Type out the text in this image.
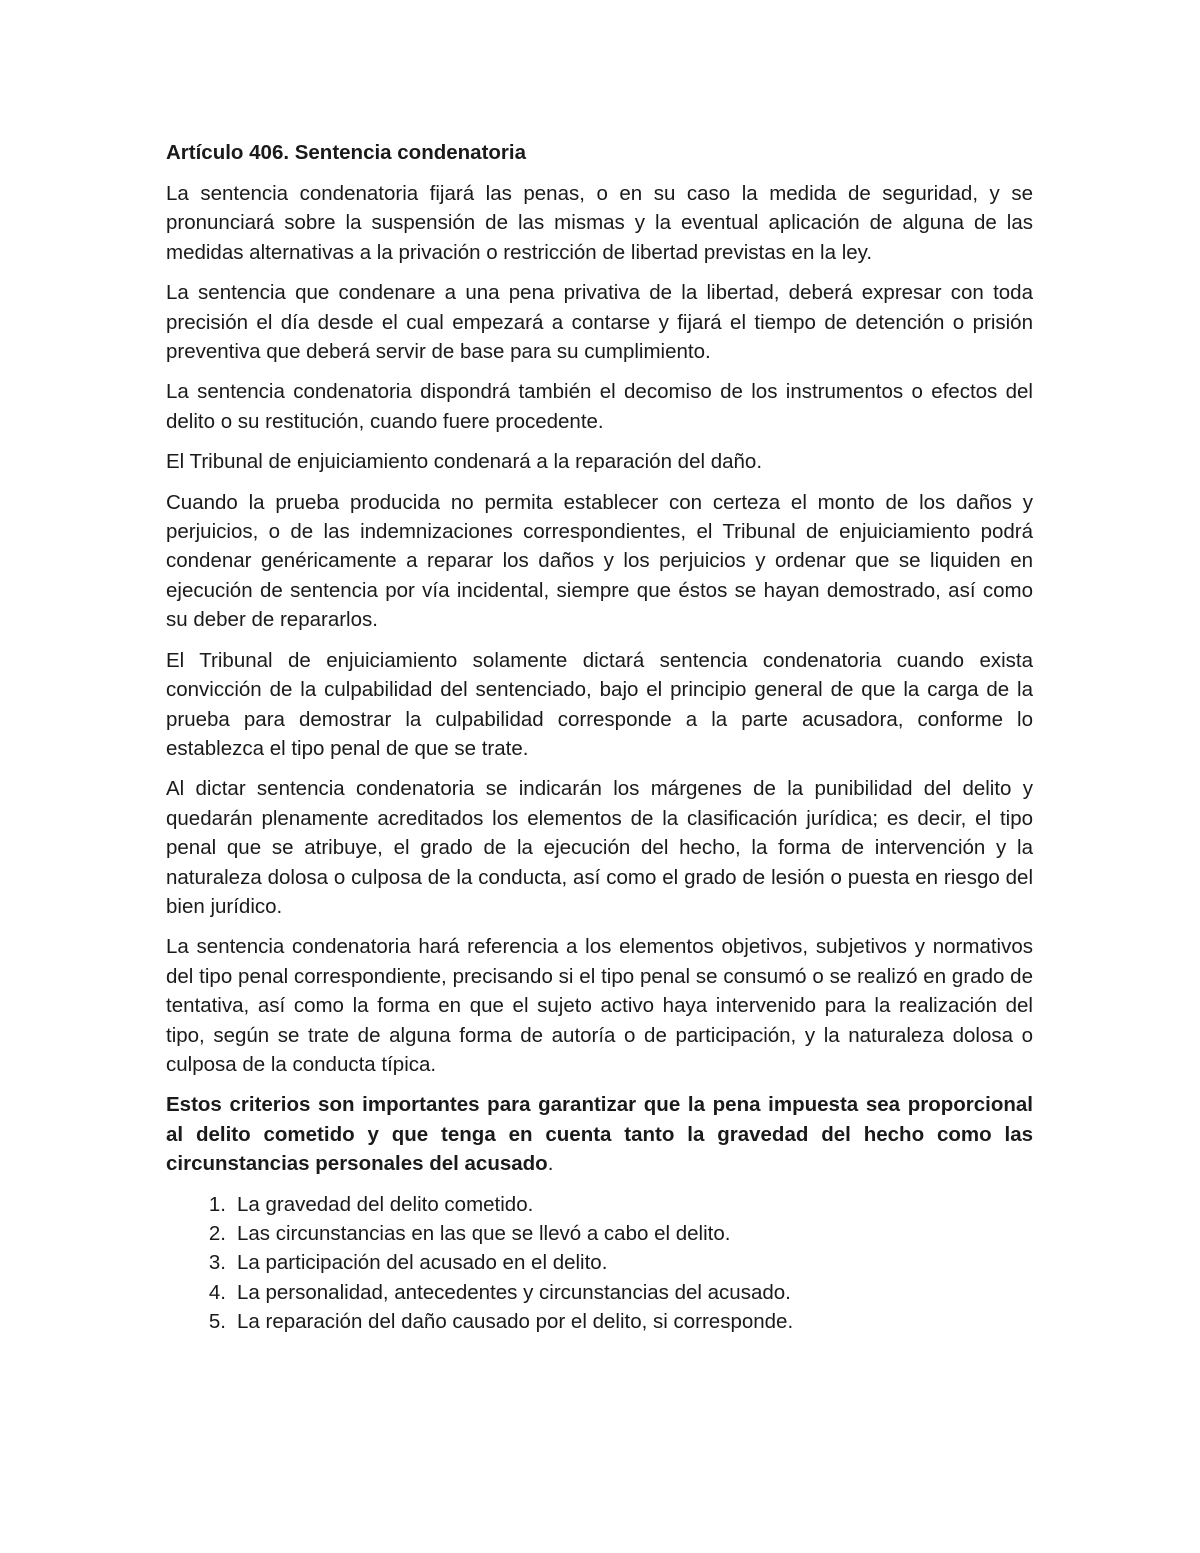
Artículo 406. Sentencia condenatoria

La sentencia condenatoria fijará las penas, o en su caso la medida de seguridad, y se pronunciará sobre la suspensión de las mismas y la eventual aplicación de alguna de las medidas alternativas a la privación o restricción de libertad previstas en la ley.

La sentencia que condenare a una pena privativa de la libertad, deberá expresar con toda precisión el día desde el cual empezará a contarse y fijará el tiempo de detención o prisión preventiva que deberá servir de base para su cumplimiento.

La sentencia condenatoria dispondrá también el decomiso de los instrumentos o efectos del delito o su restitución, cuando fuere procedente.

El Tribunal de enjuiciamiento condenará a la reparación del daño.

Cuando la prueba producida no permita establecer con certeza el monto de los daños y perjuicios, o de las indemnizaciones correspondientes, el Tribunal de enjuiciamiento podrá condenar genéricamente a reparar los daños y los perjuicios y ordenar que se liquiden en ejecución de sentencia por vía incidental, siempre que éstos se hayan demostrado, así como su deber de repararlos.

El Tribunal de enjuiciamiento solamente dictará sentencia condenatoria cuando exista convicción de la culpabilidad del sentenciado, bajo el principio general de que la carga de la prueba para demostrar la culpabilidad corresponde a la parte acusadora, conforme lo establezca el tipo penal de que se trate.

Al dictar sentencia condenatoria se indicarán los márgenes de la punibilidad del delito y quedarán plenamente acreditados los elementos de la clasificación jurídica; es decir, el tipo penal que se atribuye, el grado de la ejecución del hecho, la forma de intervención y la naturaleza dolosa o culposa de la conducta, así como el grado de lesión o puesta en riesgo del bien jurídico.

La sentencia condenatoria hará referencia a los elementos objetivos, subjetivos y normativos del tipo penal correspondiente, precisando si el tipo penal se consumó o se realizó en grado de tentativa, así como la forma en que el sujeto activo haya intervenido para la realización del tipo, según se trate de alguna forma de autoría o de participación, y la naturaleza dolosa o culposa de la conducta típica.

Estos criterios son importantes para garantizar que la pena impuesta sea proporcional al delito cometido y que tenga en cuenta tanto la gravedad del hecho como las circunstancias personales del acusado.

1. La gravedad del delito cometido.
2. Las circunstancias en las que se llevó a cabo el delito.
3. La participación del acusado en el delito.
4. La personalidad, antecedentes y circunstancias del acusado.
5. La reparación del daño causado por el delito, si corresponde.
